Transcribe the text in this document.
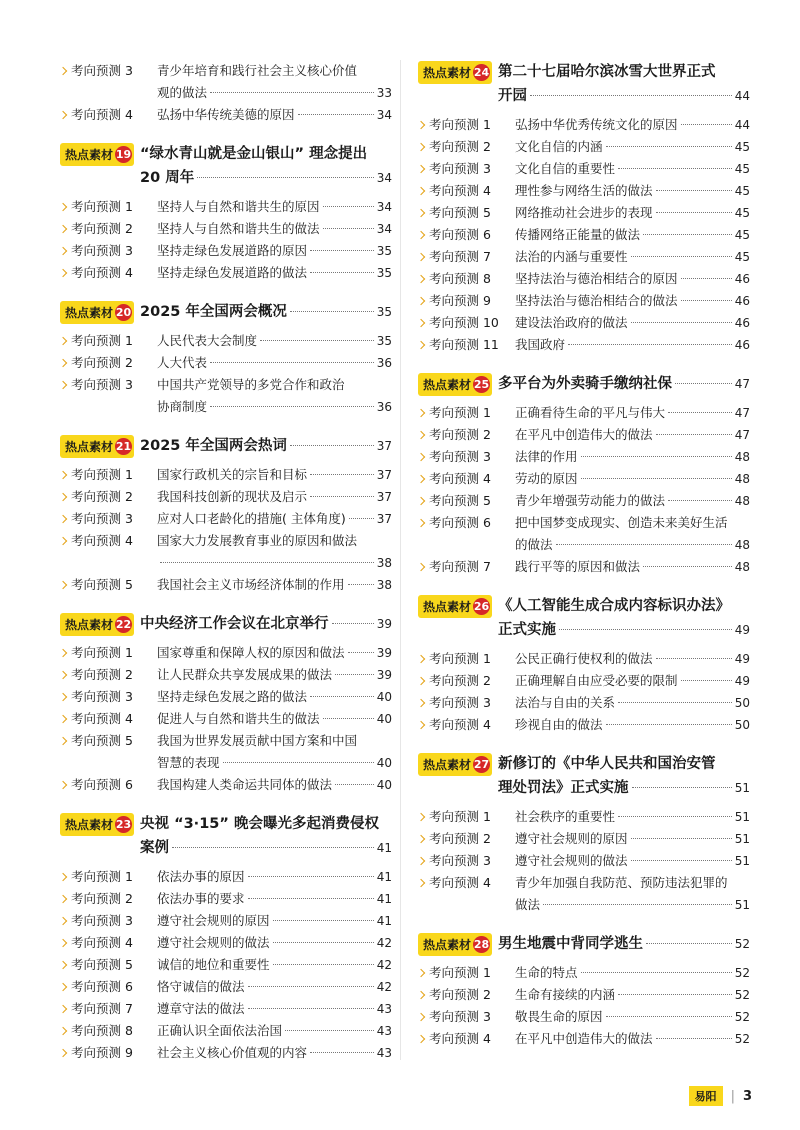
考向预测 3	青少年培育和践行社会主义核心价值
观的做法	33
考向预测 4	弘扬中华传统美德的原因	34
热点素材 19 “绿水青山就是金山银山” 理念提出
20 周年	34
考向预测 1	坚持人与自然和谐共生的原因	34
考向预测 2	坚持人与自然和谐共生的做法	34
考向预测 3	坚持走绿色发展道路的原因	35
考向预测 4	坚持走绿色发展道路的做法	35
热点素材 20 2025 年全国两会概况	35
考向预测 1	人民代表大会制度	35
考向预测 2	人大代表	36
考向预测 3	中国共产党领导的多党合作和政治
协商制度	36
热点素材 21 2025 年全国两会热词	37
考向预测 1	国家行政机关的宗旨和目标	37
考向预测 2	我国科技创新的现状及启示	37
考向预测 3	应对人口老龄化的措施( 主体角度)	37
考向预测 4	国家大力发展教育事业的原因和做法
38
考向预测 5	我国社会主义市场经济体制的作用	38
热点素材 22 中央经济工作会议在北京举行	39
考向预测 1	国家尊重和保障人权的原因和做法	39
考向预测 2	让人民群众共享发展成果的做法	39
考向预测 3	坚持走绿色发展之路的做法	40
考向预测 4	促进人与自然和谐共生的做法	40
考向预测 5	我国为世界发展贡献中国方案和中国
智慧的表现	40
考向预测 6	我国构建人类命运共同体的做法	40
热点素材 23 央视 “3·15” 晚会曝光多起消费侵权
案例	41
考向预测 1	依法办事的原因	41
考向预测 2	依法办事的要求	41
考向预测 3	遵守社会规则的原因	41
考向预测 4	遵守社会规则的做法	42
考向预测 5	诚信的地位和重要性	42
考向预测 6	恪守诚信的做法	42
考向预测 7	遵章守法的做法	43
考向预测 8	正确认识全面依法治国	43
考向预测 9	社会主义核心价值观的内容	43
热点素材 24 第二十七届哈尔滨冰雪大世界正式
开园	44
考向预测 1	弘扬中华优秀传统文化的原因	44
考向预测 2	文化自信的内涵	45
考向预测 3	文化自信的重要性	45
考向预测 4	理性参与网络生活的做法	45
考向预测 5	网络推动社会进步的表现	45
考向预测 6	传播网络正能量的做法	45
考向预测 7	法治的内涵与重要性	45
考向预测 8	坚持法治与德治相结合的原因	46
考向预测 9	坚持法治与德治相结合的做法	46
考向预测 10	建设法治政府的做法	46
考向预测 11	我国政府	46
热点素材 25 多平台为外卖骑手缴纳社保	47
考向预测 1	正确看待生命的平凡与伟大	47
考向预测 2	在平凡中创造伟大的做法	47
考向预测 3	法律的作用	48
考向预测 4	劳动的原因	48
考向预测 5	青少年增强劳动能力的做法	48
考向预测 6	把中国梦变成现实、创造未来美好生活
的做法	48
考向预测 7	践行平等的原因和做法	48
热点素材 26 《人工智能生成合成内容标识办法》
正式实施	49
考向预测 1	公民正确行使权利的做法	49
考向预测 2	正确理解自由应受必要的限制	49
考向预测 3	法治与自由的关系	50
考向预测 4	珍视自由的做法	50
热点素材 27 新修订的《中华人民共和国治安管
理处罚法》正式实施	51
考向预测 1	社会秩序的重要性	51
考向预测 2	遵守社会规则的原因	51
考向预测 3	遵守社会规则的做法	51
考向预测 4	青少年加强自我防范、预防违法犯罪的
做法	51
热点素材 28 男生地震中背同学逃生	52
考向预测 1	生命的特点	52
考向预测 2	生命有接续的内涵	52
考向预测 3	敬畏生命的原因	52
考向预测 4	在平凡中创造伟大的做法	52
易阳	| 3
